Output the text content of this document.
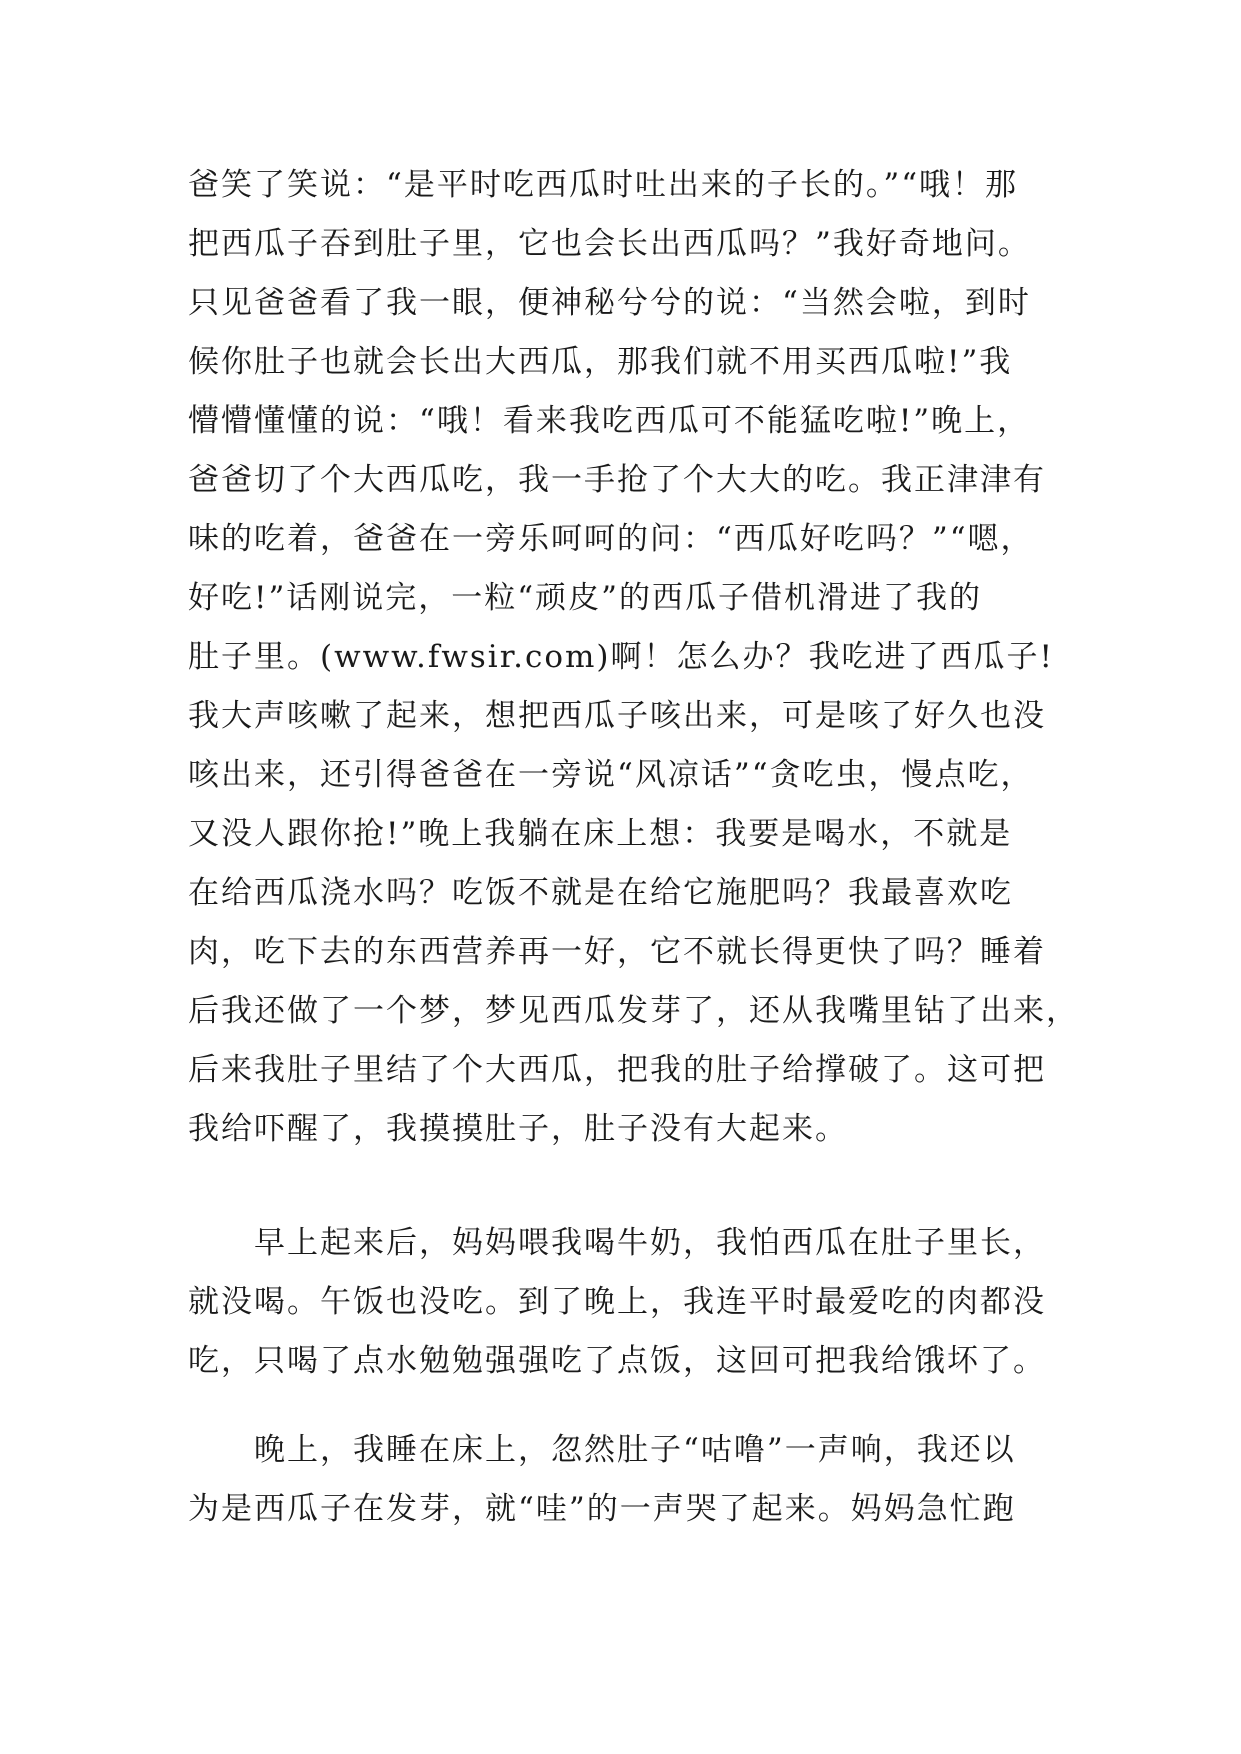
爸笑了笑说：“是平时吃西瓜时吐出来的子长的。”“哦！那
把西瓜子吞到肚子里，它也会长出西瓜吗？”我好奇地问。
只见爸爸看了我一眼，便神秘兮兮的说：“当然会啦，到时
候你肚子也就会长出大西瓜，那我们就不用买西瓜啦!”我
懵懵懂懂的说：“哦！看来我吃西瓜可不能猛吃啦!”晚上，
爸爸切了个大西瓜吃，我一手抢了个大大的吃。我正津津有
味的吃着，爸爸在一旁乐呵呵的问：“西瓜好吃吗？”“嗯，
好吃!”话刚说完，一粒“顽皮”的西瓜子借机滑进了我的
肚子里。(www.fwsir.com)啊！怎么办？我吃进了西瓜子!
我大声咳嗽了起来，想把西瓜子咳出来，可是咳了好久也没
咳出来，还引得爸爸在一旁说“风凉话”“贪吃虫，慢点吃，
又没人跟你抢!”晚上我躺在床上想：我要是喝水，不就是
在给西瓜浇水吗？吃饭不就是在给它施肥吗？我最喜欢吃
肉，吃下去的东西营养再一好，它不就长得更快了吗？睡着
后我还做了一个梦，梦见西瓜发芽了，还从我嘴里钻了出来，
后来我肚子里结了个大西瓜，把我的肚子给撑破了。这可把
我给吓醒了，我摸摸肚子，肚子没有大起来。
早上起来后，妈妈喂我喝牛奶，我怕西瓜在肚子里长，
就没喝。午饭也没吃。到了晚上，我连平时最爱吃的肉都没
吃，只喝了点水勉勉强强吃了点饭，这回可把我给饿坏了。
晚上，我睡在床上，忽然肚子“咕噜”一声响，我还以
为是西瓜子在发芽，就“哇”的一声哭了起来。妈妈急忙跑
